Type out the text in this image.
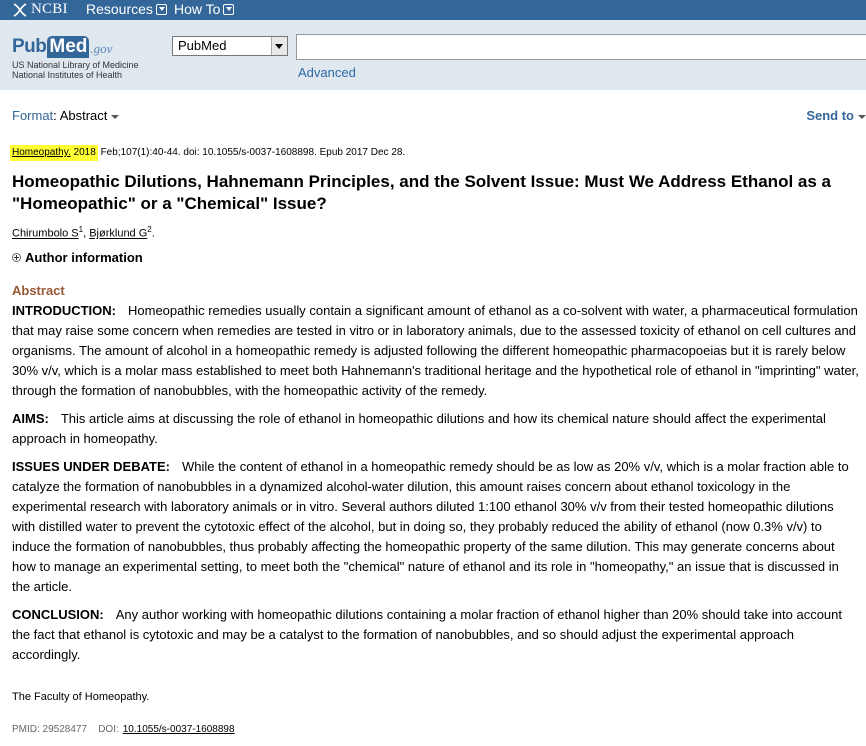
NCBI Resources How To
Pub Med .gov
US National Library of Medicine
National Institutes of Health
PubMed
Advanced
Format: Abstract	Send to
Homeopathy. 2018 Feb;107(1):40-44. doi: 10.1055/s-0037-1608898. Epub 2017 Dec 28.
Homeopathic Dilutions, Hahnemann Principles, and the Solvent Issue: Must We Address Ethanol as a "Homeopathic" or a "Chemical" Issue?
Chirumbolo $S^1$, Bjørklund $G^2$.
Author information
Abstract

INTRODUCTION: Homeopathic remedies usually contain a significant amount of ethanol as a co-solvent with water, a pharmaceutical formulation that may raise some concern when remedies are tested in vitro or in laboratory animals, due to the assessed toxicity of ethanol on cell cultures and organisms. The amount of alcohol in a homeopathic remedy is adjusted following the different homeopathic pharmacopoeias but it is rarely below 30% v/v, which is a molar mass established to meet both Hahnemann's traditional heritage and the hypothetical role of ethanol in "imprinting" water, through the formation of nanobubbles, with the homeopathic activity of the remedy.

AIMS: This article aims at discussing the role of ethanol in homeopathic dilutions and how its chemical nature should affect the experimental approach in homeopathy.

ISSUES UNDER DEBATE: While the content of ethanol in a homeopathic remedy should be as low as 20% v/v, which is a molar fraction able to catalyze the formation of nanobubbles in a dynamized alcohol-water dilution, this amount raises concern about ethanol toxicology in the experimental research with laboratory animals or in vitro. Several authors diluted 1:100 ethanol 30% v/v from their tested homeopathic dilutions with distilled water to prevent the cytotoxic effect of the alcohol, but in doing so, they probably reduced the ability of ethanol (now 0.3% v/v) to induce the formation of nanobubbles, thus probably affecting the homeopathic property of the same dilution. This may generate concerns about how to manage an experimental setting, to meet both the "chemical" nature of ethanol and its role in "homeopathy," an issue that is discussed in the article.

CONCLUSION: Any author working with homeopathic dilutions containing a molar fraction of ethanol higher than 20% should take into account the fact that ethanol is cytotoxic and may be a catalyst to the formation of nanobubbles, and so should adjust the experimental approach accordingly.

The Faculty of Homeopathy.
PMID: 29528477 DOI: 10.1055/s-0037-1608898
